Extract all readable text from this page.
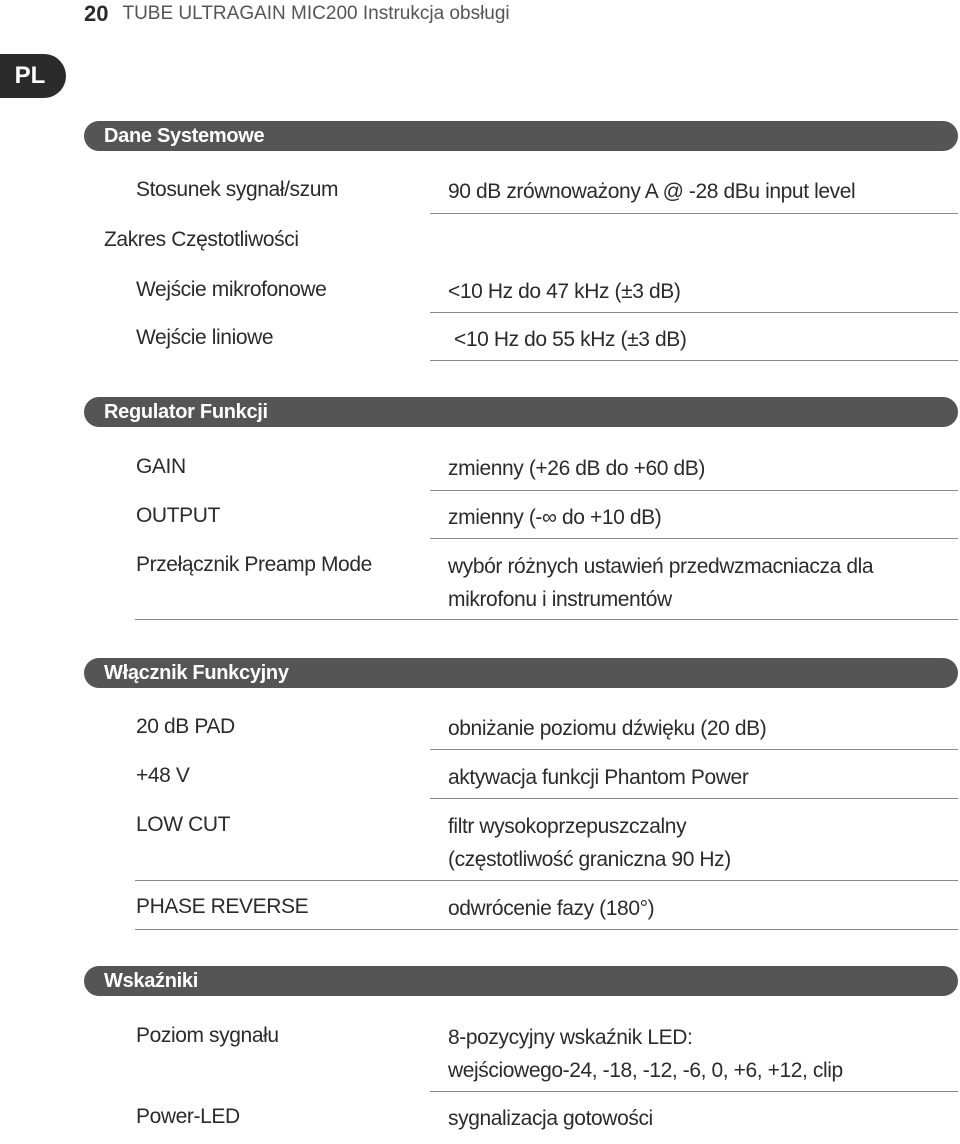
20 TUBE ULTRAGAIN MIC200 Instrukcja obsługi
PL
Dane Systemowe
Stosunek sygnał/szum	90 dB zrównoważony A @ -28 dBu input level
Zakres Częstotliwości
Wejście mikrofonowe	<10 Hz do 47 kHz (±3 dB)
Wejście liniowe	<10 Hz do 55 kHz (±3 dB)
Regulator Funkcji
GAIN	zmienny (+26 dB do +60 dB)
OUTPUT	zmienny (-∞ do +10 dB)
Przełącznik Preamp Mode	wybór różnych ustawień przedwzmacniacza dla
mikrofonu i instrumentów
Włącznik Funkcyjny
20 dB PAD	obniżanie poziomu dźwięku (20 dB)
+48 V	aktywacja funkcji Phantom Power
LOW CUT	filtr wysokoprzepuszczalny
(częstotliwość graniczna 90 Hz)
PHASE REVERSE	odwrócenie fazy (180°)
Wskaźniki
Poziom sygnału	8-pozycyjny wskaźnik LED:
wejściowego-24, -18, -12, -6, 0, +6, +12, clip
Power-LED	sygnalizacja gotowości
